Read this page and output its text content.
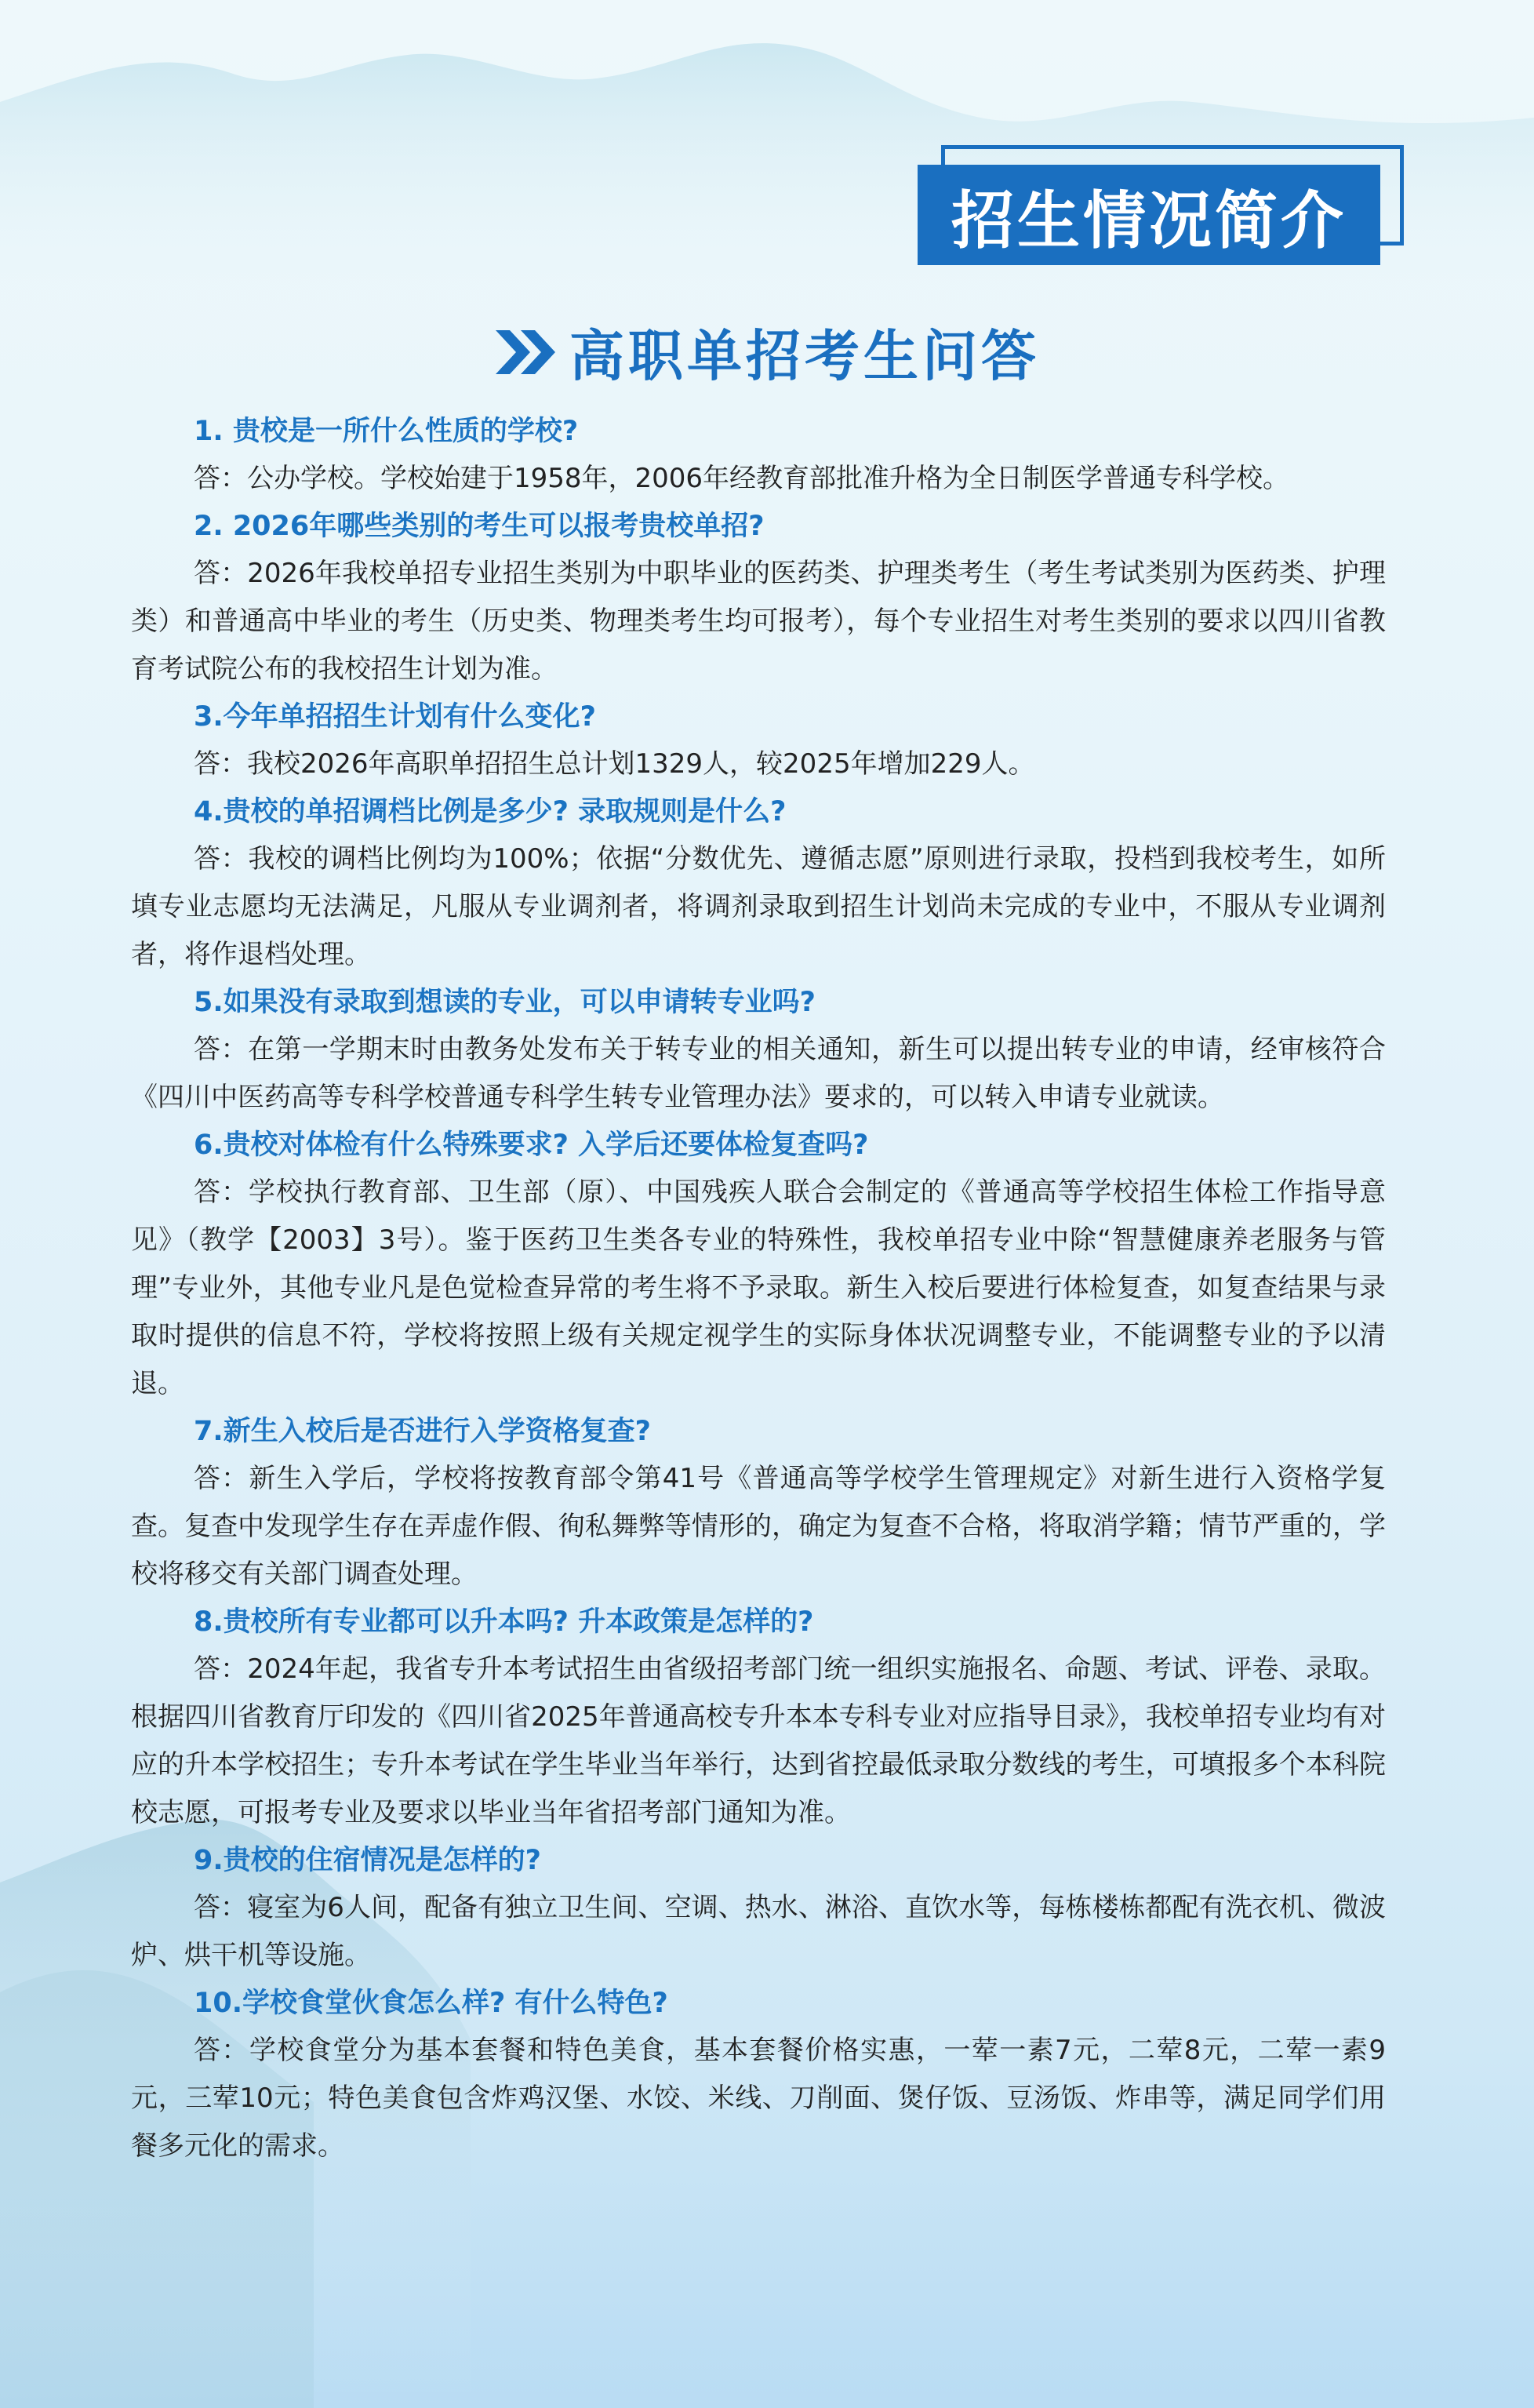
招生情况简介
高职单招考生问答
1. 贵校是一所什么性质的学校?

答：公办学校。学校始建于1958年，2006年经教育部批准升格为全日制医学普通专科学校。

2. 2026年哪些类别的考生可以报考贵校单招?

答：2026年我校单招专业招生类别为中职毕业的医药类、护理类考生（考生考试类别为医药类、护理类）和普通高中毕业的考生（历史类、物理类考生均可报考），每个专业招生对考生类别的要求以四川省教育考试院公布的我校招生计划为准。

3.今年单招招生计划有什么变化?

答：我校2026年高职单招招生总计划1329人，较2025年增加229人。

4.贵校的单招调档比例是多少? 录取规则是什么?

答：我校的调档比例均为100%；依据“分数优先、遵循志愿”原则进行录取，投档到我校考生，如所填专业志愿均无法满足，凡服从专业调剂者，将调剂录取到招生计划尚未完成的专业中，不服从专业调剂者，将作退档处理。

5.如果没有录取到想读的专业，可以申请转专业吗?

答：在第一学期末时由教务处发布关于转专业的相关通知，新生可以提出转专业的申请，经审核符合《四川中医药高等专科学校普通专科学生转专业管理办法》要求的，可以转入申请专业就读。

6.贵校对体检有什么特殊要求? 入学后还要体检复查吗?

答：学校执行教育部、卫生部（原）、中国残疾人联合会制定的《普通高等学校招生体检工作指导意见》（教学【2003】3号）。鉴于医药卫生类各专业的特殊性，我校单招专业中除“智慧健康养老服务与管理”专业外，其他专业凡是色觉检查异常的考生将不予录取。新生入校后要进行体检复查，如复查结果与录取时提供的信息不符，学校将按照上级有关规定视学生的实际身体状况调整专业，不能调整专业的予以清退。

7.新生入校后是否进行入学资格复查?

答：新生入学后，学校将按教育部令第41号《普通高等学校学生管理规定》对新生进行入资格学复查。复查中发现学生存在弄虚作假、徇私舞弊等情形的，确定为复查不合格，将取消学籍；情节严重的，学校将移交有关部门调查处理。

8.贵校所有专业都可以升本吗? 升本政策是怎样的?

答：2024年起，我省专升本考试招生由省级招考部门统一组织实施报名、命题、考试、评卷、录取。根据四川省教育厅印发的《四川省2025年普通高校专升本本专科专业对应指导目录》，我校单招专业均有对应的升本学校招生；专升本考试在学生毕业当年举行，达到省控最低录取分数线的考生，可填报多个本科院校志愿，可报考专业及要求以毕业当年省招考部门通知为准。

9.贵校的住宿情况是怎样的?

答：寝室为6人间，配备有独立卫生间、空调、热水、淋浴、直饮水等，每栋楼栋都配有洗衣机、微波炉、烘干机等设施。

10.学校食堂伙食怎么样? 有什么特色?

答：学校食堂分为基本套餐和特色美食，基本套餐价格实惠，一荤一素7元，二荤8元，二荤一素9元，三荤10元；特色美食包含炸鸡汉堡、水饺、米线、刀削面、煲仔饭、豆汤饭、炸串等，满足同学们用餐多元化的需求。
